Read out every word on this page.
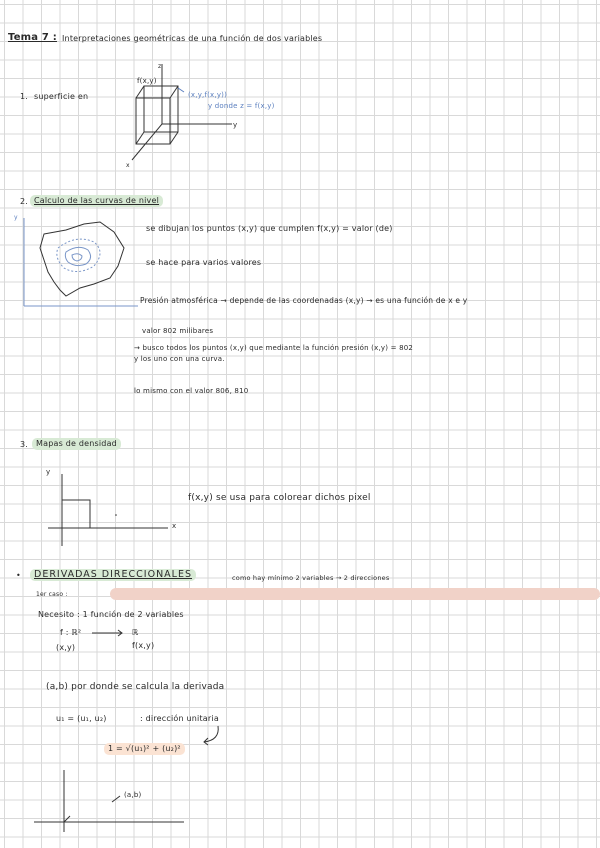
Tema 7 : Interpretaciones geométricas de una función de dos variables
1. superficie en
f(x,y)
z
(x,y,f(x,y))
y donde z = f(x,y)
y
x
2. Calculo de las curvas de nivel
y
se dibujan los puntos (x,y) que cumplen f(x,y) = valor (de)
se hace para varios valores
Presión atmosférica → depende de las coordenadas (x,y) → es una función de x e y
valor 802 milibares
→ busco todos los puntos (x,y) que mediante la función presión (x,y) = 802
y los uno con una curva.
lo mismo con el valor 806, 810
3. Mapas de densidad
y
x
f(x,y) se usa para colorear dichos pixel
•	DERIVADAS DIRECCIONALES	como hay mínimo 2 variables → 2 direcciones
1er caso :
Necesito : 1 función de 2 variables
f : ℝ²	ℝ
(x,y)	f(x,y)
(a,b) por donde se calcula la derivada
u₁ = (u₁, u₂)	: dirección unitaria
1 = √(u₁)² + (u₂)²
(a,b)
